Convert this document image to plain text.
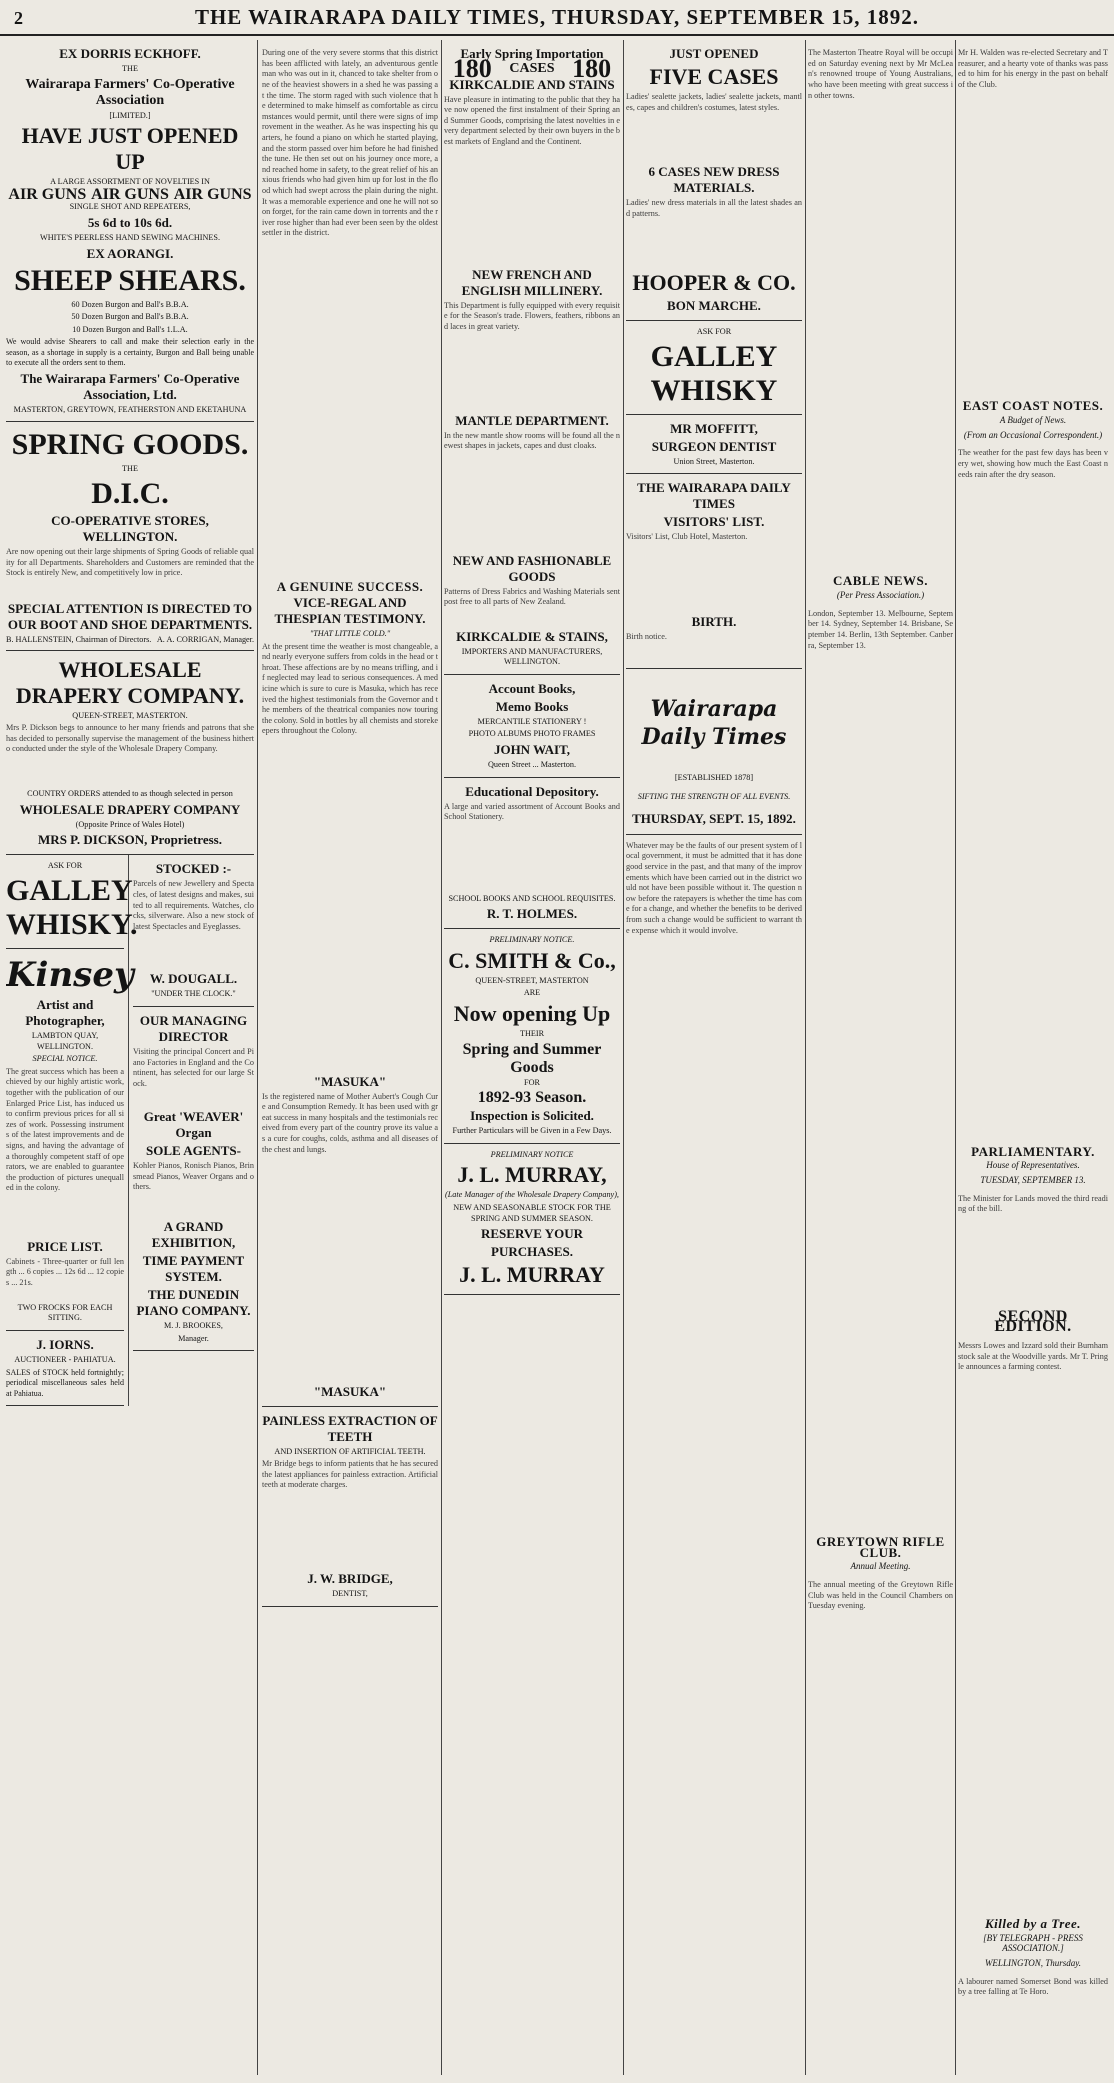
2	THE WAIRARAPA DAILY TIMES, THURSDAY, SEPTEMBER 15, 1892.

EX DORRIS ECKHOFF.

THE

Wairarapa Farmers' Co-Operative Association

[LIMITED.]

HAVE JUST OPENED UP

A LARGE ASSORTMENT OF NOVELTIES IN

AIR GUNS AIR GUNS AIR GUNS

SINGLE SHOT AND REPEATERS,

5s 6d to 10s 6d.

WHITE'S PEERLESS HAND SEWING MACHINES.

EX AORANGI.

SHEEP SHEARS.

60 Dozen Burgon and Ball's B.B.A.

50 Dozen Burgon and Ball's B.B.A.

10 Dozen Burgon and Ball's 1.L.A.

We would advise Shearers to call and make their selection early in the season, as a shortage in supply is a certainty, Burgon and Ball being unable to execute all the orders sent to them.

The Wairarapa Farmers' Co-Operative Association, Ltd.

MASTERTON, GREYTOWN, FEATHERSTON AND EKETAHUNA

SPRING GOODS.

THE

D.I.C.

CO-OPERATIVE STORES, WELLINGTON.

Are now opening out their large shipments of Spring Goods of reliable quality for all Departments. Shareholders and Customers are reminded that the Stock is entirely New, and competitively low in price.

SPECIAL ATTENTION IS DIRECTED TO OUR BOOT AND SHOE DEPARTMENTS.

B. HALLENSTEIN, Chairman of Directors. A. A. CORRIGAN, Manager.

WHOLESALE DRAPERY COMPANY.

QUEEN-STREET, MASTERTON.

Mrs P. Dickson begs to announce to her many friends and patrons that she has decided to personally supervise the management of the business hitherto conducted under the style of the Wholesale Drapery Company.

COUNTRY ORDERS attended to as though selected in person

WHOLESALE DRAPERY COMPANY

(Opposite Prince of Wales Hotel)

MRS P. DICKSON, Proprietress.

ASK FOR

GALLEY WHISKY.

Kinsey

Artist and Photographer,

LAMBTON QUAY, WELLINGTON.

SPECIAL NOTICE.

The great success which has been achieved by our highly artistic work, together with the publication of our Enlarged Price List, has induced us to confirm previous prices for all sizes of work. Possessing instruments of the latest improvements and designs, and having the advantage of a thoroughly competent staff of operators, we are enabled to guarantee the production of pictures unequalled in the colony.

PRICE LIST.

Cabinets - Three-quarter or full length ... 6 copies ... 12s 6d ... 12 copies ... 21s.

TWO FROCKS FOR EACH SITTING.

J. IORNS.

AUCTIONEER - PAHIATUA.

SALES of STOCK held fortnightly; periodical miscellaneous sales held at Pahiatua.

STOCKED :-

Parcels of new Jewellery and Spectacles, of latest designs and makes, suited to all requirements. Watches, clocks, silverware. Also a new stock of latest Spectacles and Eyeglasses.

W. DOUGALL.

"UNDER THE CLOCK."

OUR MANAGING DIRECTOR

Visiting the principal Concert and Piano Factories in England and the Continent, has selected for our large Stock.

Great 'WEAVER' Organ

SOLE AGENTS-

Kohler Pianos, Ronisch Pianos, Brinsmead Pianos, Weaver Organs and others.

A GRAND EXHIBITION,

TIME PAYMENT SYSTEM.

THE DUNEDIN PIANO COMPANY.

M. J. BROOKES,

Manager.

During one of the very severe storms that this district has been afflicted with lately, an adventurous gentleman who was out in it, chanced to take shelter from one of the heaviest showers in a shed he was passing at the time. The storm raged with such violence that he determined to make himself as comfortable as circumstances would permit, until there were signs of improvement in the weather. As he was inspecting his quarters, he found a piano on which he started playing, and the storm passed over him before he had finished the tune. He then set out on his journey once more, and reached home in safety, to the great relief of his anxious friends who had given him up for lost in the flood which had swept across the plain during the night. It was a memorable experience and one he will not soon forget, for the rain came down in torrents and the river rose higher than had ever been seen by the oldest settler in the district.

A GENUINE SUCCESS.

VICE-REGAL AND THESPIAN TESTIMONY.

"THAT LITTLE COLD."

At the present time the weather is most changeable, and nearly everyone suffers from colds in the head or throat. These affections are by no means trifling, and if neglected may lead to serious consequences. A medicine which is sure to cure is Masuka, which has received the highest testimonials from the Governor and the members of the theatrical companies now touring the colony. Sold in bottles by all chemists and storekeepers throughout the Colony.

"MASUKA"

Is the registered name of Mother Aubert's Cough Cure and Consumption Remedy. It has been used with great success in many hospitals and the testimonials received from every part of the country prove its value as a cure for coughs, colds, asthma and all diseases of the chest and lungs.

"MASUKA"

PAINLESS EXTRACTION OF TEETH

AND INSERTION OF ARTIFICIAL TEETH.

Mr Bridge begs to inform patients that he has secured the latest appliances for painless extraction. Artificial teeth at moderate charges.

J. W. BRIDGE,

DENTIST,

Early Spring Importation

180 CASES 180

KIRKCALDIE AND STAINS

Have pleasure in intimating to the public that they have now opened the first instalment of their Spring and Summer Goods, comprising the latest novelties in every department selected by their own buyers in the best markets of England and the Continent.

NEW FRENCH AND ENGLISH MILLINERY.

This Department is fully equipped with every requisite for the Season's trade. Flowers, feathers, ribbons and laces in great variety.

MANTLE DEPARTMENT.

In the new mantle show rooms will be found all the newest shapes in jackets, capes and dust cloaks.

NEW AND FASHIONABLE GOODS

Patterns of Dress Fabrics and Washing Materials sent post free to all parts of New Zealand.

KIRKCALDIE & STAINS,

IMPORTERS AND MANUFACTURERS, WELLINGTON.

Account Books,

Memo Books

MERCANTILE STATIONERY !

PHOTO ALBUMS PHOTO FRAMES

JOHN WAIT,

Queen Street ... Masterton.

Educational Depository.

A large and varied assortment of Account Books and School Stationery.

SCHOOL BOOKS AND SCHOOL REQUISITES.

R. T. HOLMES.

PRELIMINARY NOTICE.

C. SMITH & Co.,

QUEEN-STREET, MASTERTON

ARE

Now opening Up

THEIR

Spring and Summer

Goods

FOR

1892-93 Season.

Inspection is Solicited.

Further Particulars will be Given in a Few Days.

PRELIMINARY NOTICE

J. L. MURRAY,

(Late Manager of the Wholesale Drapery Company),

NEW AND SEASONABLE STOCK FOR THE SPRING AND SUMMER SEASON.

RESERVE YOUR

PURCHASES.

J. L. MURRAY

JUST OPENED

FIVE CASES

Ladies' sealette jackets, ladies' sealette jackets, mantles, capes and children's costumes, latest styles.

6 CASES NEW DRESS MATERIALS.

Ladies' new dress materials in all the latest shades and patterns.

HOOPER & CO.

BON MARCHE.

ASK FOR

GALLEY WHISKY

MR MOFFITT,

SURGEON DENTIST

Union Street, Masterton.

THE WAIRARAPA DAILY TIMES

VISITORS' LIST.

Visitors' List, Club Hotel, Masterton.

BIRTH.

Birth notice.

Wairarapa Daily Times

[ESTABLISHED 1878]

SIFTING THE STRENGTH OF ALL EVENTS.

THURSDAY, SEPT. 15, 1892.

Whatever may be the faults of our present system of local government, it must be admitted that it has done good service in the past, and that many of the improvements which have been carried out in the district would not have been possible without it. The question now before the ratepayers is whether the time has come for a change, and whether the benefits to be derived from such a change would be sufficient to warrant the expense which it would involve.

The Masterton Theatre Royal will be occupied on Saturday evening next by Mr McLean's renowned troupe of Young Australians, who have been meeting with great success in other towns.

CABLE NEWS.

(Per Press Association.)

London, September 13. Melbourne, September 14. Sydney, September 14. Brisbane, September 14. Berlin, 13th September. Canberra, September 13.

GREYTOWN RIFLE CLUB.

Annual Meeting.

The annual meeting of the Greytown Rifle Club was held in the Council Chambers on Tuesday evening.

Mr H. Walden was re-elected Secretary and Treasurer, and a hearty vote of thanks was passed to him for his energy in the past on behalf of the Club.

EAST COAST NOTES.

A Budget of News.

(From an Occasional Correspondent.)

The weather for the past few days has been very wet, showing how much the East Coast needs rain after the dry season.

PARLIAMENTARY.

House of Representatives.

TUESDAY, SEPTEMBER 13.

The Minister for Lands moved the third reading of the bill.

SECOND EDITION.

Messrs Lowes and Izzard sold their Burnham stock sale at the Woodville yards. Mr T. Pringle announces a farming contest.

Killed by a Tree.

[BY TELEGRAPH - PRESS ASSOCIATION.]

WELLINGTON, Thursday.

A labourer named Somerset Bond was killed by a tree falling at Te Horo.
